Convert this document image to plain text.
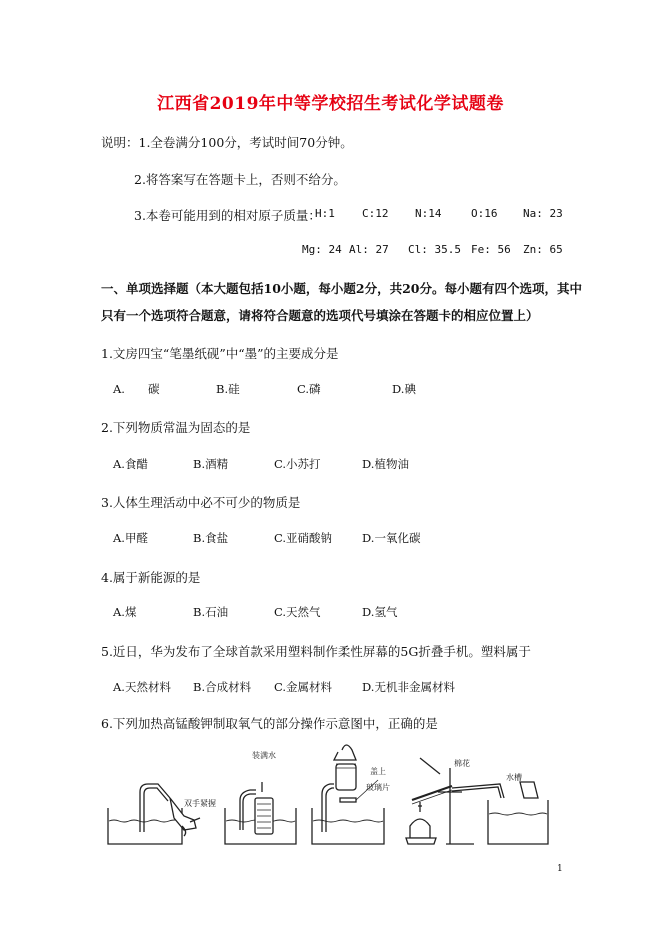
江西省2019年中等学校招生考试化学试题卷
说明：1.全卷满分100分，考试时间70分钟。
2.将答案写在答题卡上，否则不给分。
3.本卷可能用到的相对原子质量：
H:1 C:12 N:14	O:16 Na: 23
Mg: 24 Al: 27 Cl: 35.5 Fe: 56 Zn: 65
一、单项选择题（本大题包括10小题，每小题2分，共20分。每小题有四个选项，其中
只有一个选项符合题意，请将符合题意的选项代号填涂在答题卡的相应位置上）
1.文房四宝“笔墨纸砚”中“墨”的主要成分是
A.　　碳	B.硅	C.磷	D.碘
2.下列物质常温为固态的是
A.食醋	B.酒精	C.小苏打	D.植物油
3.人体生理活动中必不可少的物质是
A.甲醛	B.食盐	C.亚硝酸钠	D.一氧化碳
4.属于新能源的是
A.煤	B.石油	C.天然气	D.氢气
5.近日，华为发布了全球首款采用塑料制作柔性屏幕的5G折叠手机。塑料属于
A.天然材料 B.合成材料 C.金属材料	D.无机非金属材料
6.下列加热高锰酸钾制取氧气的部分操作示意图中，正确的是
双手紧握
装满水
盖上
玻璃片
棉花
水槽
1
